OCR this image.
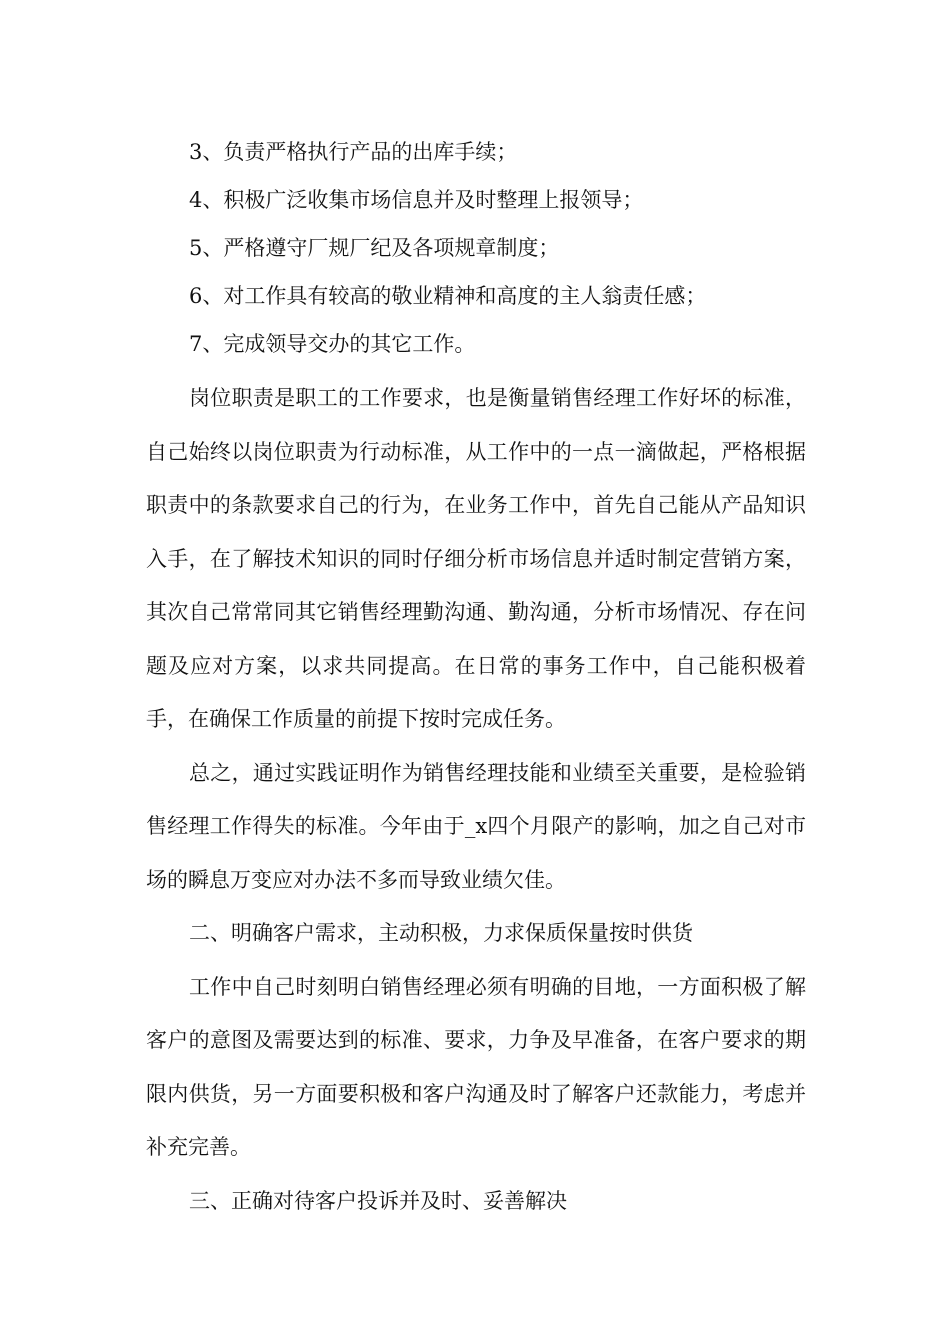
3、负责严格执行产品的出库手续；

4、积极广泛收集市场信息并及时整理上报领导；

5、严格遵守厂规厂纪及各项规章制度；

6、对工作具有较高的敬业精神和高度的主人翁责任感；

7、完成领导交办的其它工作。

岗位职责是职工的工作要求，也是衡量销售经理工作好坏的标准，自己始终以岗位职责为行动标准，从工作中的一点一滴做起，严格根据职责中的条款要求自己的行为，在业务工作中，首先自己能从产品知识入手，在了解技术知识的同时仔细分析市场信息并适时制定营销方案，其次自己常常同其它销售经理勤沟通、勤沟通，分析市场情况、存在问题及应对方案，以求共同提高。在日常的事务工作中，自己能积极着手，在确保工作质量的前提下按时完成任务。

总之，通过实践证明作为销售经理技能和业绩至关重要，是检验销售经理工作得失的标准。今年由于_x四个月限产的影响，加之自己对市场的瞬息万变应对办法不多而导致业绩欠佳。

二、明确客户需求，主动积极，力求保质保量按时供货

工作中自己时刻明白销售经理必须有明确的目地，一方面积极了解客户的意图及需要达到的标准、要求，力争及早准备，在客户要求的期限内供货，另一方面要积极和客户沟通及时了解客户还款能力，考虑并补充完善。

三、正确对待客户投诉并及时、妥善解决
